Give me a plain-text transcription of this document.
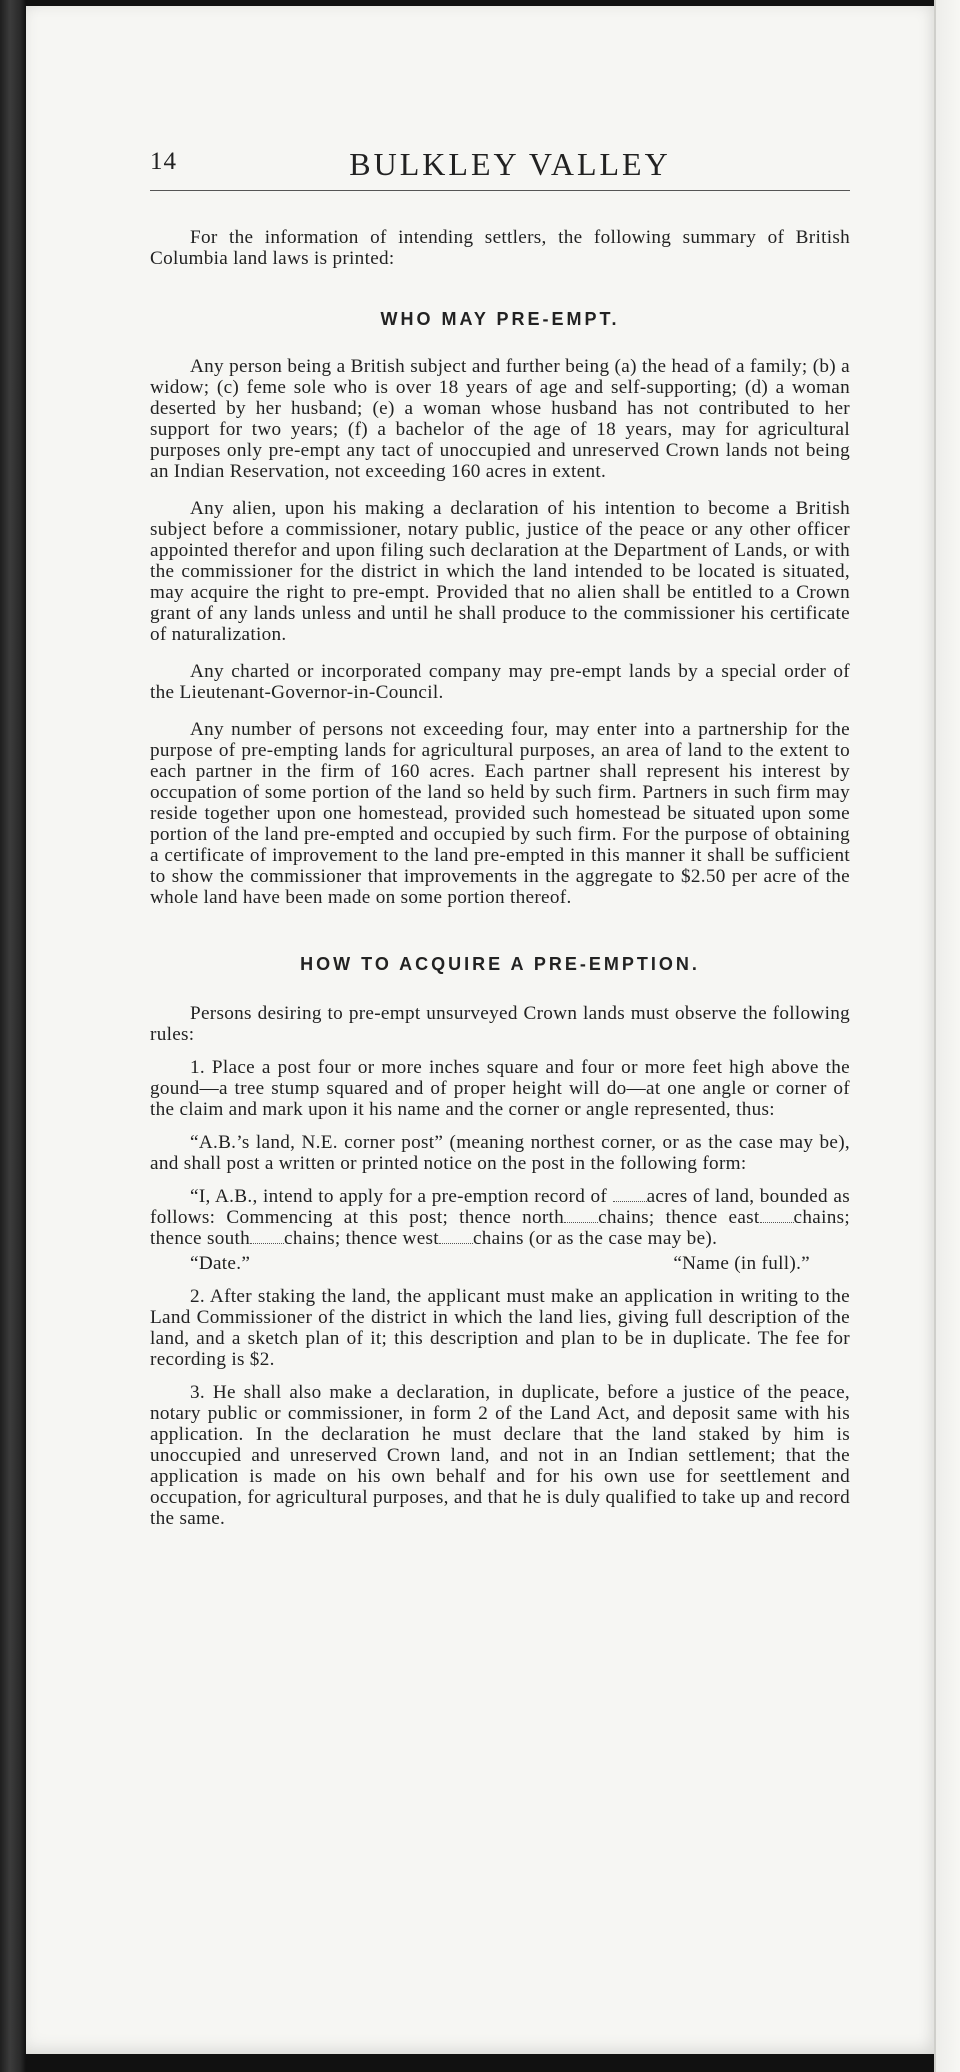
14	BULKLEY VALLEY

For the information of intending settlers, the following summary of British Columbia land laws is printed:

WHO MAY PRE-EMPT.

Any person being a British subject and further being (a) the head of a family; (b) a widow; (c) feme sole who is over 18 years of age and self-supporting; (d) a woman deserted by her husband; (e) a woman whose husband has not contributed to her support for two years; (f) a bachelor of the age of 18 years, may for agricultural purposes only pre-empt any tact of unoccupied and unreserved Crown lands not being an Indian Reservation, not exceeding 160 acres in extent.

Any alien, upon his making a declaration of his intention to become a British subject before a commissioner, notary public, justice of the peace or any other officer appointed therefor and upon filing such declaration at the Department of Lands, or with the commissioner for the district in which the land intended to be located is situated, may acquire the right to pre-empt. Provided that no alien shall be entitled to a Crown grant of any lands unless and until he shall produce to the commissioner his certificate of naturalization.

Any charted or incorporated company may pre-empt lands by a special order of the Lieutenant-Governor-in-Council.

Any number of persons not exceeding four, may enter into a partnership for the purpose of pre-empting lands for agricultural purposes, an area of land to the extent to each partner in the firm of 160 acres. Each partner shall represent his interest by occupation of some portion of the land so held by such firm. Partners in such firm may reside together upon one homestead, provided such homestead be situated upon some portion of the land pre-empted and occupied by such firm. For the purpose of obtaining a certificate of improvement to the land pre-empted in this manner it shall be sufficient to show the commissioner that improvements in the aggregate to $2.50 per acre of the whole land have been made on some portion thereof.

HOW TO ACQUIRE A PRE-EMPTION.

Persons desiring to pre-empt unsurveyed Crown lands must observe the following rules:

1. Place a post four or more inches square and four or more feet high above the gound—a tree stump squared and of proper height will do—at one angle or corner of the claim and mark upon it his name and the corner or angle represented, thus:

“A.B.’s land, N.E. corner post” (meaning northest corner, or as the case may be), and shall post a written or printed notice on the post in the following form:

“I, A.B., intend to apply for a pre-emption record of acres of land, bounded as follows: Commencing at this post; thence north chains; thence east chains; thence south chains; thence west chains (or as the case may be).

“Date.”	“Name (in full).”

2. After staking the land, the applicant must make an application in writing to the Land Commissioner of the district in which the land lies, giving full description of the land, and a sketch plan of it; this description and plan to be in duplicate. The fee for recording is $2.

3. He shall also make a declaration, in duplicate, before a justice of the peace, notary public or commissioner, in form 2 of the Land Act, and deposit same with his application. In the declaration he must declare that the land staked by him is unoccupied and unreserved Crown land, and not in an Indian settlement; that the application is made on his own behalf and for his own use for seettlement and occupation, for agricultural purposes, and that he is duly qualified to take up and record the same.
